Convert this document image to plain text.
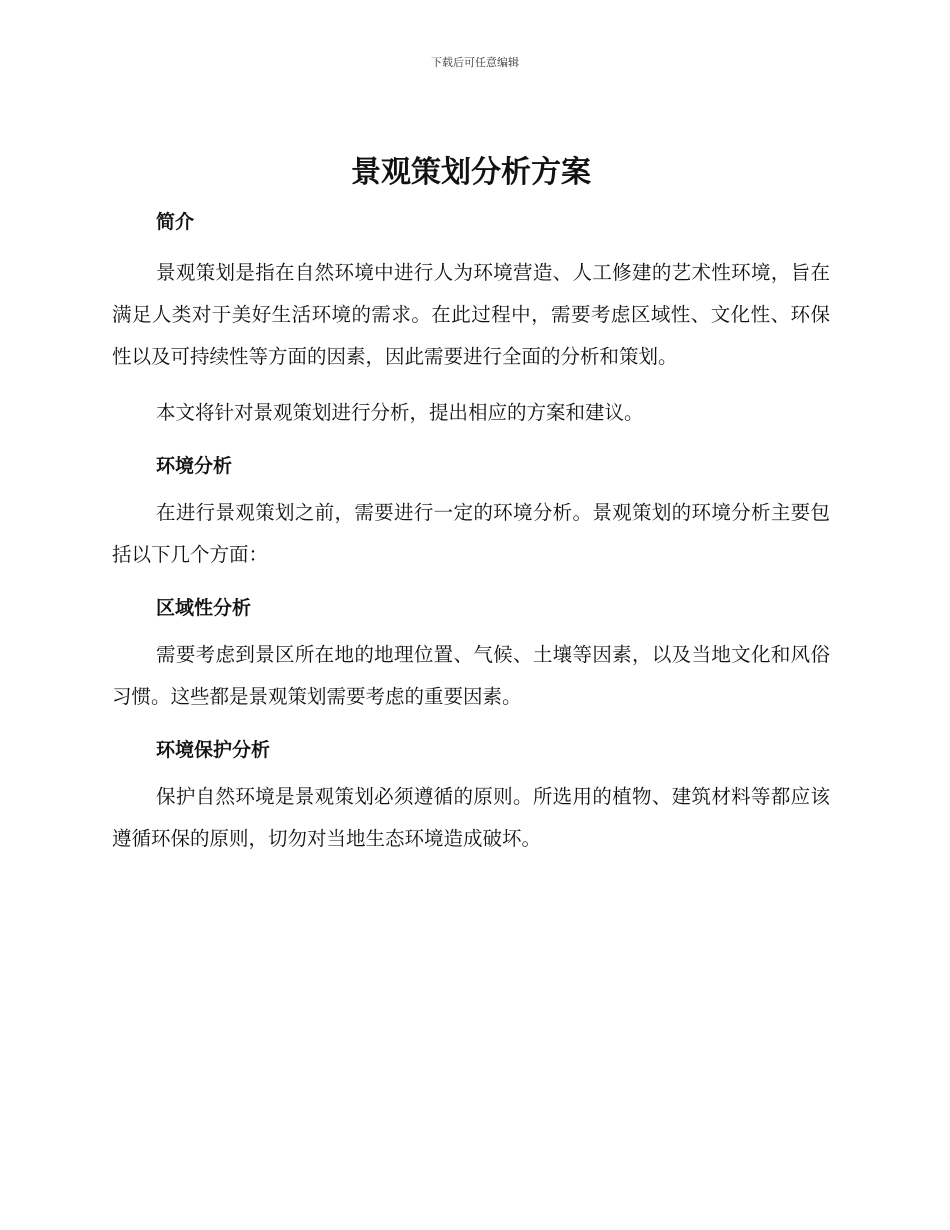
下载后可任意编辑
景观策划分析方案
简介

景观策划是指在自然环境中进行人为环境营造、人工修建的艺术性环境，旨在满足人类对于美好生活环境的需求。在此过程中，需要考虑区域性、文化性、环保性以及可持续性等方面的因素，因此需要进行全面的分析和策划。

本文将针对景观策划进行分析，提出相应的方案和建议。

环境分析

在进行景观策划之前，需要进行一定的环境分析。景观策划的环境分析主要包括以下几个方面：

区域性分析

需要考虑到景区所在地的地理位置、气候、土壤等因素，以及当地文化和风俗习惯。这些都是景观策划需要考虑的重要因素。

环境保护分析

保护自然环境是景观策划必须遵循的原则。所选用的植物、建筑材料等都应该遵循环保的原则，切勿对当地生态环境造成破坏。
